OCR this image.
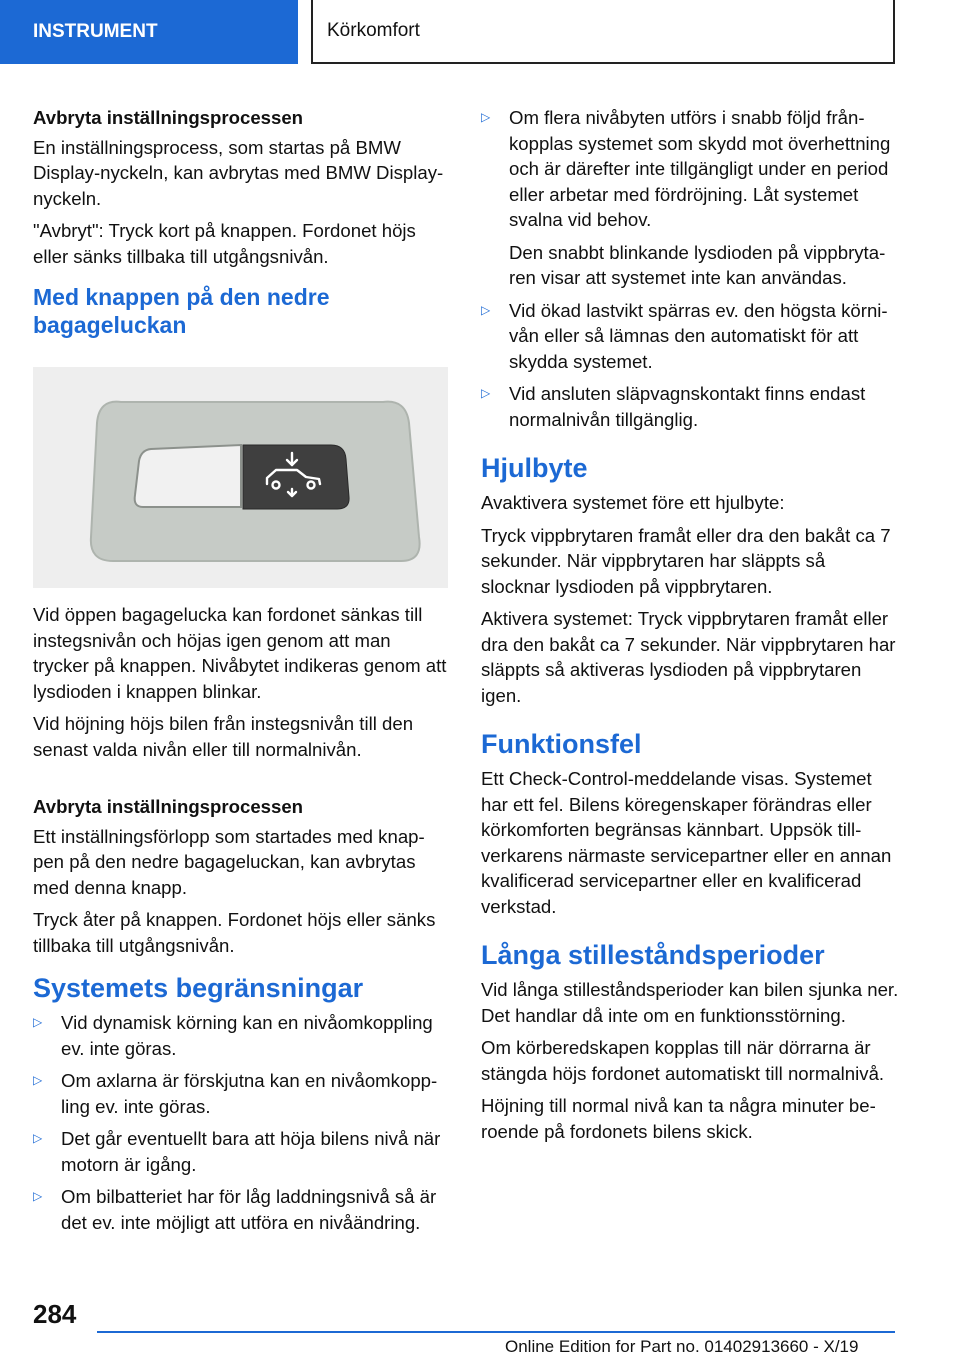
INSTRUMENT	Körkomfort
Avbryta inställningsprocessen

En inställningsprocess, som startas på BMW Display-nyckeln, kan avbrytas med BMW Display-nyckeln.

"Avbryt": Tryck kort på knappen. Fordonet höjs eller sänks tillbaka till utgångsnivån.

Med knappen på den nedre bagageluckan

Vid öppen bagagelucka kan fordonet sänkas till instegsnivån och höjas igen genom att man trycker på knappen. Nivåbytet indikeras genom att lysdioden i knappen blinkar.

Vid höjning höjs bilen från instegsnivån till den senast valda nivån eller till normalnivån.

Avbryta inställningsprocessen

Ett inställningsförlopp som startades med knappen på den nedre bagageluckan, kan avbrytas med denna knapp.

Tryck åter på knappen. Fordonet höjs eller sänks tillbaka till utgångsnivån.

Systemets begränsningar
▷	Vid dynamisk körning kan en nivåomkoppling ev. inte göras.
▷	Om axlarna är förskjutna kan en nivåomkoppling ev. inte göras.
▷	Det går eventuellt bara att höja bilens nivå när motorn är igång.
▷	Om bilbatteriet har för låg laddningsnivå så är det ev. inte möjligt att utföra en nivåändring.
▷	Om flera nivåbyten utförs i snabb följd frånkopplas systemet som skydd mot överhettning och är därefter inte tillgängligt under en period eller arbetar med fördröjning. Låt systemet svalna vid behov.

Den snabbt blinkande lysdioden på vippbrytaren visar att systemet inte kan användas.

▷	Vid ökad lastvikt spärras ev. den högsta körnivån eller så lämnas den automatiskt för att skydda systemet.
▷	Vid ansluten släpvagnskontakt finns endast normalnivån tillgänglig.
Hjulbyte

Avaktivera systemet före ett hjulbyte:

Tryck vippbrytaren framåt eller dra den bakåt ca 7 sekunder. När vippbrytaren har släppts så slocknar lysdioden på vippbrytaren.

Aktivera systemet: Tryck vippbrytaren framåt eller dra den bakåt ca 7 sekunder. När vippbrytaren har släppts så aktiveras lysdioden på vippbrytaren igen.

Funktionsfel

Ett Check-Control-meddelande visas. Systemet har ett fel. Bilens köregenskaper förändras eller körkomforten begränsas kännbart. Uppsök tillverkarens närmaste servicepartner eller en annan kvalificerad servicepartner eller en kvalificerad verkstad.

Långa stilleståndsperioder

Vid långa stilleståndsperioder kan bilen sjunka ner. Det handlar då inte om en funktionsstörning.

Om körberedskapen kopplas till när dörrarna är stängda höjs fordonet automatiskt till normalnivå.

Höjning till normal nivå kan ta några minuter beroende på fordonets bilens skick.

284
Online Edition for Part no. 01402913660 - X/19
